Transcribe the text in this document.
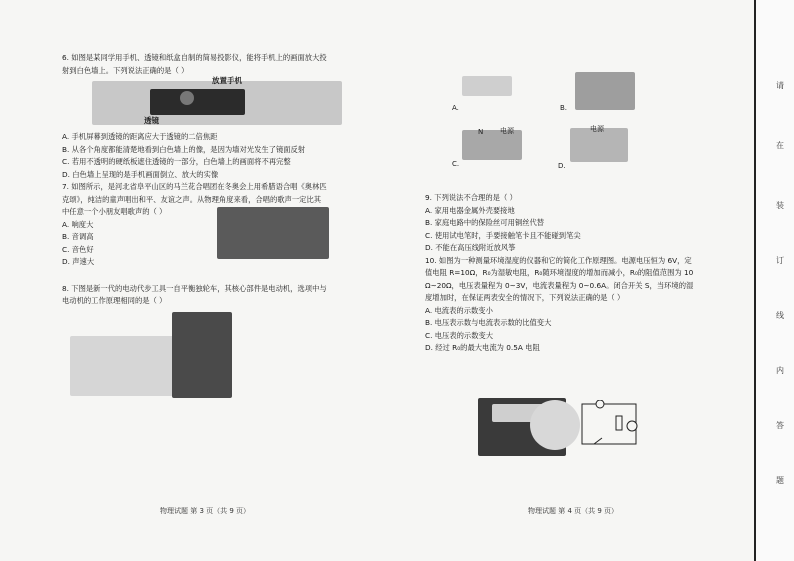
6. 如图是某同学用手机、透镜和纸盒自制的简易投影仪，能将手机上的画面放大投

射到白色墙上。下列说法正确的是（ ）

放置手机
透镜

A. 手机屏幕到透镜的距离应大于透镜的二倍焦距

B. 从各个角度都能清楚地看到白色墙上的像，是因为墙对光发生了镜面反射

C. 若用不透明的硬纸板遮住透镜的一部分，白色墙上的画面将不再完整

D. 白色墙上呈现的是手机画面倒立、放大的实像

7. 如图所示，是河北省阜平山区的马兰花合唱团在冬奥会上用希腊语合唱《奥林匹

克颂》，纯洁的童声唱出和平、友谊之声。从物理角度来看，合唱的歌声一定比其

中任意一个小朋友唱歌声的（ ）

A. 响度大

B. 音调高

C. 音色好

D. 声速大

8. 下图是新一代的电动代步工具一自平衡独轮车，其核心部件是电动机，选项中与

电动机的工作原理相同的是（ ）

物理试题 第 3 页（共 9 页）
A.	B.
N 电源
C.
电源
D.

9. 下列说法不合理的是（ ）

A. 家用电器金属外壳要接地

B. 家庭电路中的保险丝可用铜丝代替

C. 使用试电笔时，手要接触笔卡且不能碰到笔尖

D. 不能在高压线附近放风筝

10. 如图为一种测量环境湿度的仪器和它的简化工作原理图。电源电压恒为 6V，定

值电阻 R=10Ω，R₀为湿敏电阻，R₀随环境湿度的增加而减小，R₀的阻值范围为 10

Ω~20Ω，电压表量程为 0~3V，电流表量程为 0~0.6A。闭合开关 S，当环境的湿

度增加时，在保证两表安全的情况下，下列说法正确的是（ ）

A. 电流表的示数变小

B. 电压表示数与电流表示数的比值变大

C. 电压表的示数变大

D. 经过 R₀的最大电流为 0.5A 电阻

物理试题 第 4 页（共 9 页）
请
在
装
订
线
内
答
题
